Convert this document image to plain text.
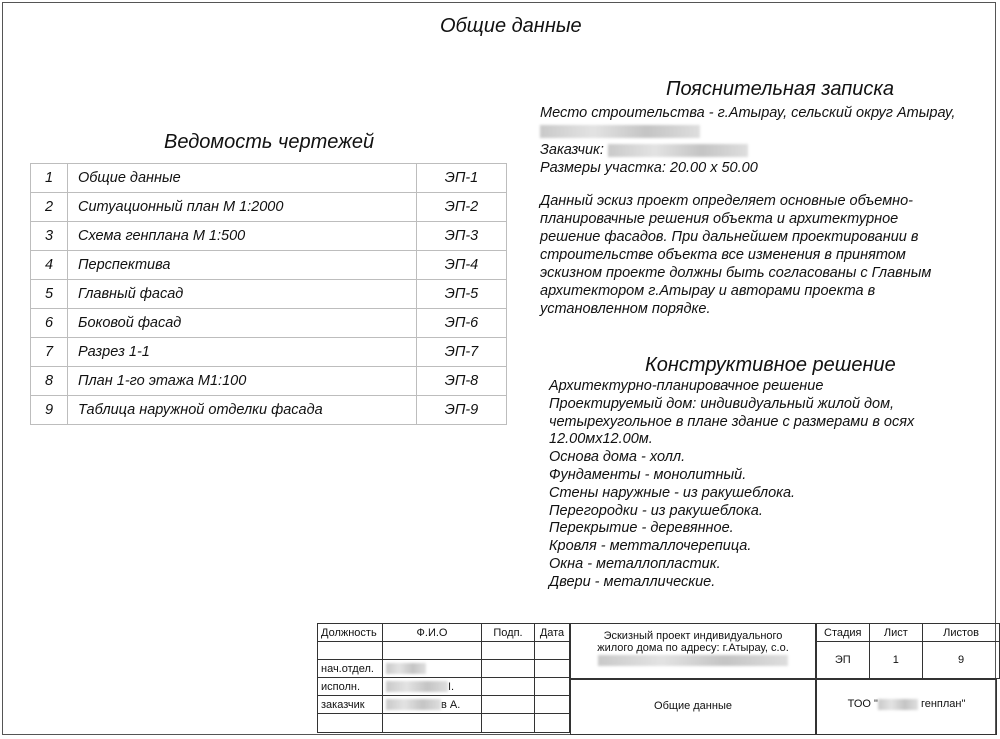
Общие данные
Ведомость чертежей
1	Общие данные	ЭП-1
2	Ситуационный план М 1:2000	ЭП-2
3	Схема генплана М 1:500	ЭП-3
4	Перспектива	ЭП-4
5	Главный фасад	ЭП-5
6	Боковой фасад	ЭП-6
7	Разрез 1-1	ЭП-7
8	План 1-го этажа М1:100	ЭП-8
9	Таблица наружной отделки фасада	ЭП-9
Пояснительная записка
Место строительства - г.Атырау, сельский округ Атырау,
Заказчик:
Размеры участка: 20.00 x 50.00
Данный эскиз проект определяет основные объемно-
планировачные решения объекта и архитектурное
решение фасадов. При дальнейшем проектировании в
строительстве объекта все изменения в принятом
эскизном проекте должны быть согласованы с Главным
архитектором г.Атырау и авторами проекта в
установленном порядке.
Конструктивное решение
Архитектурно-планировачное решение
Проектируемый дом: индивидуальный жилой дом,
четырехугольное в плане здание с размерами в осях
12.00мx12.00м.
Основа дома - холл.
Фундаменты - монолитный.
Стены наружные - из ракушеблока.
Перегородки - из ракушеблока.
Перекрытие - деревянное.
Кровля - метталлочерепица.
Окна - металлопластик.
Двери - металлические.
Должность	Ф.И.О	Подп.	Дата

нач.отдел.			
исполн.	I.		
заказчик	в А.		

Эскизный проект индивидуального
жилого дома по адресу: г.Атырау, с.о.
Общие данные
Стадия	Лист	Листов
ЭП	1	9
ТОО "	генплан"
